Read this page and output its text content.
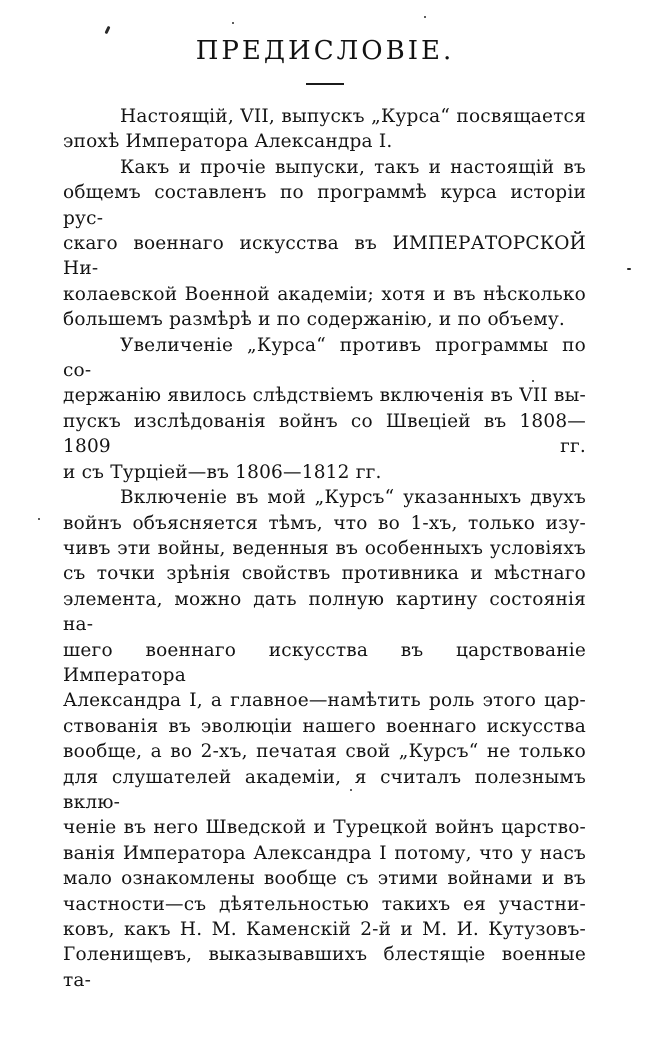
ПРЕДИСЛОВІЕ.

Настоящій, VII, выпускъ „Курса“ посвящается
эпохѣ Императора Александра I.

Какъ и прочіе выпуски, такъ и настоящій въ
общемъ составленъ по программѣ курса исторіи рус-
скаго военнаго искусства въ ИМПЕРАТОРСКОЙ Ни-
колаевской Военной академіи; хотя и въ нѣсколько
большемъ размѣрѣ и по содержанію, и по объему.

Увеличеніе „Курса“ противъ программы по со-
держанію явилось слѣдствіемъ включенія въ VII вы-
пускъ изслѣдованія войнъ со Швеціей въ 1808—1809 гг.
и съ Турціей—въ 1806—1812 гг.

Включеніе въ мой „Курсъ“ указанныхъ двухъ
войнъ объясняется тѣмъ, что во 1-хъ, только изу-
чивъ эти войны, веденныя въ особенныхъ условіяхъ
съ точки зрѣнія свойствъ противника и мѣстнаго
элемента, можно дать полную картину состоянія на-
шего военнаго искусства въ царствованіе Императора
Александра I, а главное—намѣтить роль этого цар-
ствованія въ эволюціи нашего военнаго искусства
вообще, а во 2-хъ, печатая свой „Курсъ“ не только
для слушателей академіи, я считалъ полезнымъ вклю-
ченіе въ него Шведской и Турецкой войнъ царство-
ванія Императора Александра I потому, что у насъ
мало ознакомлены вообще съ этими войнами и въ
частности—съ дѣятельностью такихъ ея участни-
ковъ, какъ Н. М. Каменскій 2-й и М. И. Кутузовъ-
Голенищевъ, выказывавшихъ блестящіе военные та-
